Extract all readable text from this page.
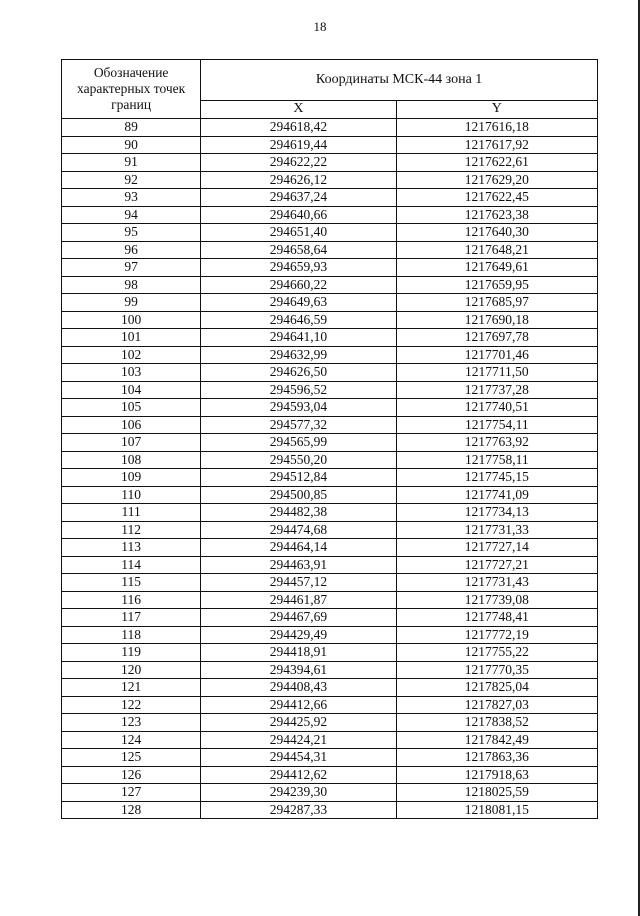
18
Обозначение характерных точек границ	Координаты МСК-44 зона 1	
	X	Y
89	294618,42	1217616,18
90	294619,44	1217617,92
91	294622,22	1217622,61
92	294626,12	1217629,20
93	294637,24	1217622,45
94	294640,66	1217623,38
95	294651,40	1217640,30
96	294658,64	1217648,21
97	294659,93	1217649,61
98	294660,22	1217659,95
99	294649,63	1217685,97
100	294646,59	1217690,18
101	294641,10	1217697,78
102	294632,99	1217701,46
103	294626,50	1217711,50
104	294596,52	1217737,28
105	294593,04	1217740,51
106	294577,32	1217754,11
107	294565,99	1217763,92
108	294550,20	1217758,11
109	294512,84	1217745,15
110	294500,85	1217741,09
111	294482,38	1217734,13
112	294474,68	1217731,33
113	294464,14	1217727,14
114	294463,91	1217727,21
115	294457,12	1217731,43
116	294461,87	1217739,08
117	294467,69	1217748,41
118	294429,49	1217772,19
119	294418,91	1217755,22
120	294394,61	1217770,35
121	294408,43	1217825,04
122	294412,66	1217827,03
123	294425,92	1217838,52
124	294424,21	1217842,49
125	294454,31	1217863,36
126	294412,62	1217918,63
127	294239,30	1218025,59
128	294287,33	1218081,15
